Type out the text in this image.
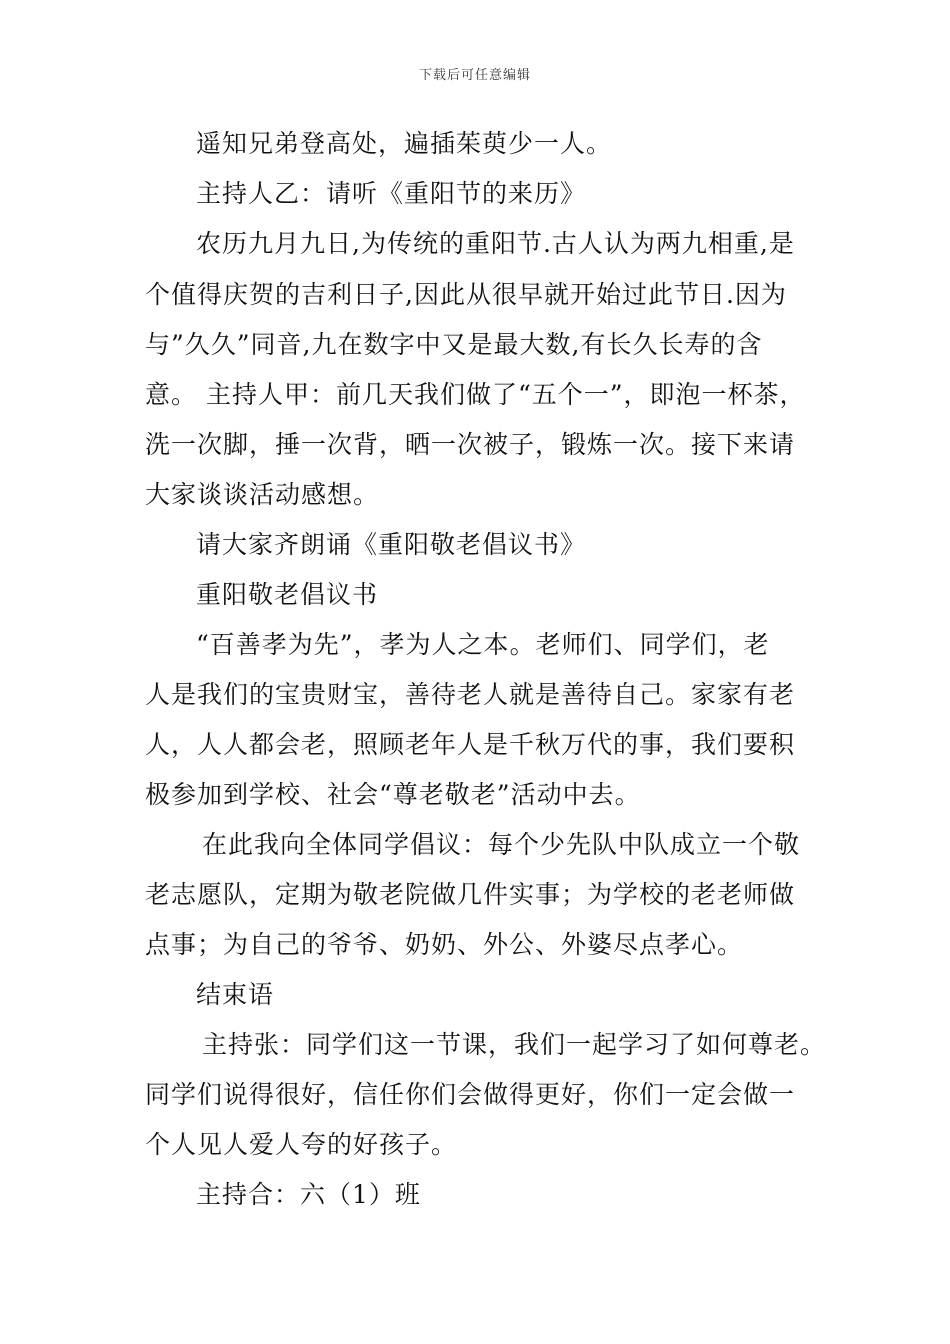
下载后可任意编辑
遥知兄弟登高处，遍插茱萸少一人。
主持人乙：请听《重阳节的来历》
农历九月九日,为传统的重阳节.古人认为两九相重,是
个值得庆贺的吉利日子,因此从很早就开始过此节日.因为
与”久久”同音,九在数字中又是最大数,有长久长寿的含
意。 主持人甲：前几天我们做了“五个一”，即泡一杯茶，
洗一次脚，捶一次背，晒一次被子，锻炼一次。接下来请
大家谈谈活动感想。
请大家齐朗诵《重阳敬老倡议书》
重阳敬老倡议书
“百善孝为先”，孝为人之本。老师们、同学们，老
人是我们的宝贵财宝，善待老人就是善待自己。家家有老
人，人人都会老，照顾老年人是千秋万代的事，我们要积
极参加到学校、社会“尊老敬老”活动中去。
在此我向全体同学倡议：每个少先队中队成立一个敬
老志愿队，定期为敬老院做几件实事；为学校的老老师做
点事；为自己的爷爷、奶奶、外公、外婆尽点孝心。
结束语
主持张：同学们这一节课，我们一起学习了如何尊老。
同学们说得很好，信任你们会做得更好，你们一定会做一
个人见人爱人夸的好孩子。
主持合：六（1）班
